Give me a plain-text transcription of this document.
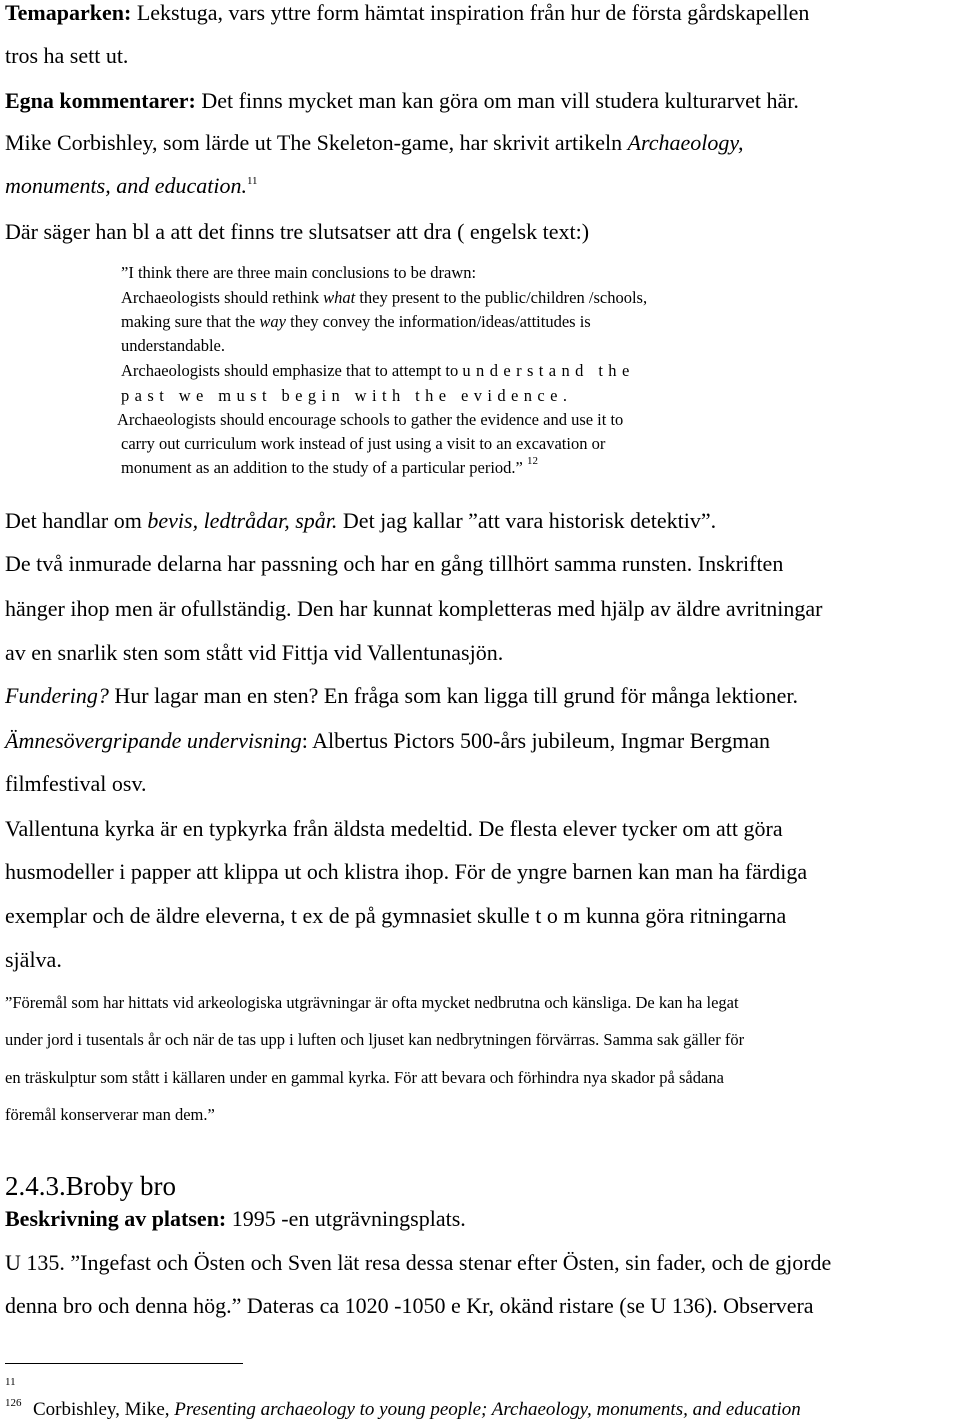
Temaparken: Lekstuga, vars yttre form hämtat inspiration från hur de första gårdskapellen
tros ha sett ut.
Egna kommentarer: Det finns mycket man kan göra om man vill studera kulturarvet här.
Mike Corbishley, som lärde ut The Skeleton-game, har skrivit artikeln Archaeology,
monuments, and education.$^{11}$
Där säger han bl a att det finns tre slutsatser att dra ( engelsk text:)
”I think there are three main conclusions to be drawn:
Archaeologists should rethink what they present to the public/children /schools,
making sure that the way they convey the information/ideas/attitudes is
understandable.
Archaeologists should emphasize that to attempt to understand the
past we must begin with the evidence.
Archaeologists should encourage schools to gather the evidence and use it to
carry out curriculum work instead of just using a visit to an excavation or
monument as an addition to the study of a particular period.” $^{12}$
Det handlar om bevis, ledtrådar, spår. Det jag kallar ”att vara historisk detektiv”.
De två inmurade delarna har passning och har en gång tillhört samma runsten. Inskriften
hänger ihop men är ofullständig. Den har kunnat kompletteras med hjälp av äldre avritningar
av en snarlik sten som stått vid Fittja vid Vallentunasjön.
Fundering? Hur lagar man en sten? En fråga som kan ligga till grund för många lektioner.
Ämnesövergripande undervisning: Albertus Pictors 500-års jubileum, Ingmar Bergman
filmfestival osv.
Vallentuna kyrka är en typkyrka från äldsta medeltid. De flesta elever tycker om att göra
husmodeller i papper att klippa ut och klistra ihop. För de yngre barnen kan man ha färdiga
exemplar och de äldre eleverna, t ex de på gymnasiet skulle t o m kunna göra ritningarna
själva.
”Föremål som har hittats vid arkeologiska utgrävningar är ofta mycket nedbrutna och känsliga. De kan ha legat
under jord i tusentals år och när de tas upp i luften och ljuset kan nedbrytningen förvärras. Samma sak gäller för
en träskulptur som stått i källaren under en gammal kyrka. För att bevara och förhindra nya skador på sådana
föremål konserverar man dem.”
2.4.3.Broby bro
Beskrivning av platsen: 1995 -en utgrävningsplats.
U 135. ”Ingefast och Östen och Sven lät resa dessa stenar efter Östen, sin fader, och de gjorde
denna bro och denna hög.” Dateras ca 1020 -1050 e Kr, okänd ristare (se U 136). Observera
11
126 Corbishley, Mike, Presenting archaeology to young people; Archaeology, monuments, and education
